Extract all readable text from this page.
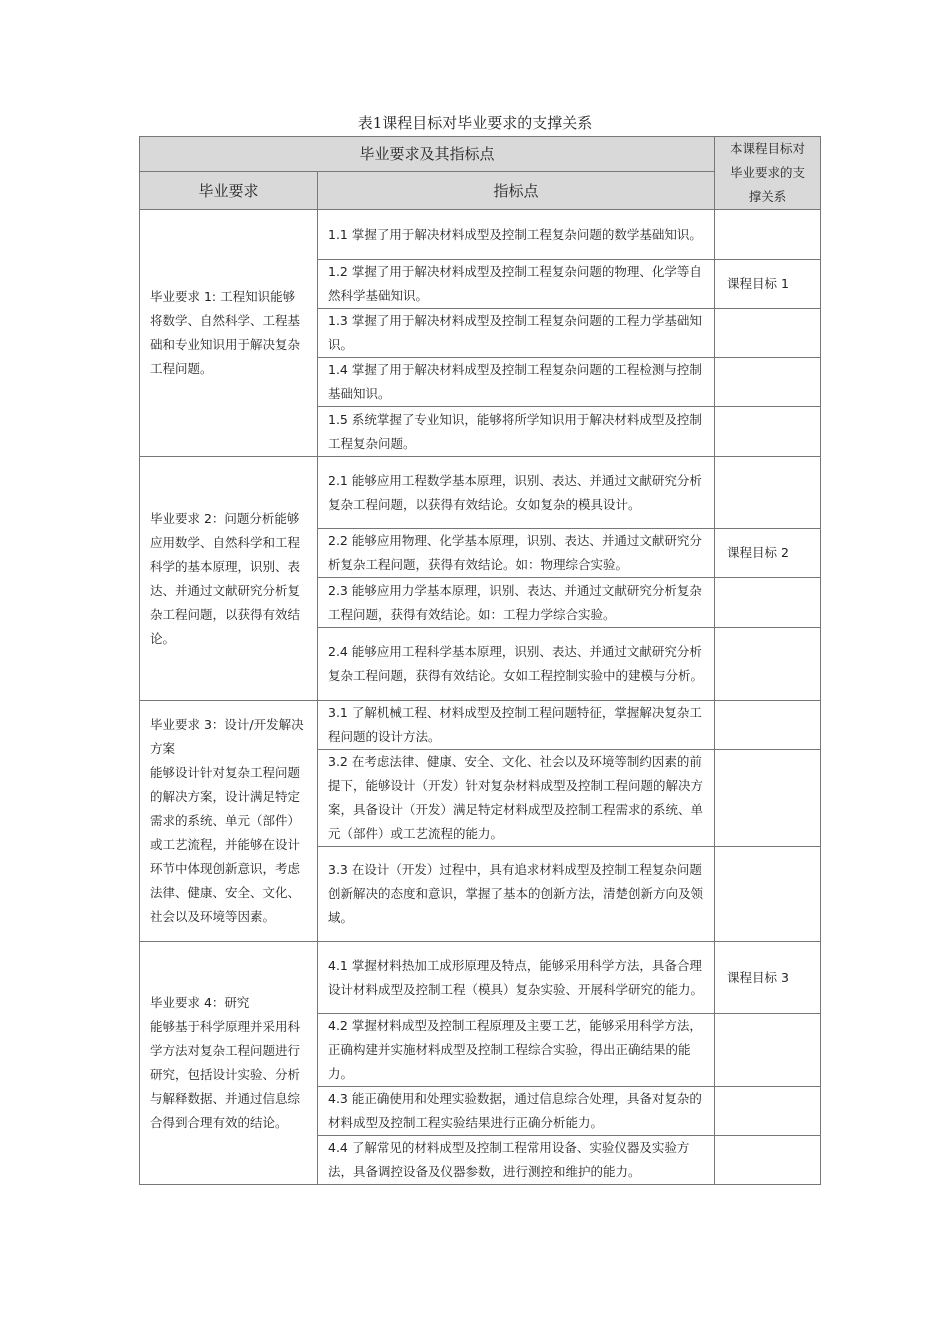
表1课程目标对毕业要求的支撑关系
毕业要求及其指标点		本课程目标对毕业要求的支撑关系
毕业要求	指标点	

毕业要求 1: 工程知识能够将数学、自然科学、工程基础和专业知识用于解决复杂工程问题。	1.1 掌握了用于解决材料成型及控制工程复杂问题的数学基础知识。	
	1.2 掌握了用于解决材料成型及控制工程复杂问题的物理、化学等自然科学基础知识。	课程目标 1
	1.3 掌握了用于解决材料成型及控制工程复杂问题的工程力学基础知识。	
	1.4 掌握了用于解决材料成型及控制工程复杂问题的工程检测与控制基础知识。	
	1.5 系统掌握了专业知识，能够将所学知识用于解决材料成型及控制工程复杂问题。	

毕业要求 2：问题分析能够应用数学、自然科学和工程科学的基本原理，识别、表达、并通过文献研究分析复杂工程问题，以获得有效结论。	2.1 能够应用工程数学基本原理，识别、表达、并通过文献研究分析复杂工程问题，以获得有效结论。女如复杂的模具设计。	
	2.2 能够应用物理、化学基本原理，识别、表达、并通过文献研究分析复杂工程问题，获得有效结论。如：物理综合实验。	课程目标 2
	2.3 能够应用力学基本原理，识别、表达、并通过文献研究分析复杂工程问题，获得有效结论。如：工程力学综合实验。	
	2.4 能够应用工程科学基本原理，识别、表达、并通过文献研究分析复杂工程问题，获得有效结论。女如工程控制实验中的建模与分析。	

毕业要求 3：设计/开发解决方案
能够设计针对复杂工程问题的解决方案，设计满足特定需求的系统、单元（部件）或工艺流程，并能够在设计环节中体现创新意识，考虑法律、健康、安全、文化、社会以及环境等因素。	3.1 了解机械工程、材料成型及控制工程问题特征，掌握解决复杂工程问题的设计方法。	
	3.2 在考虑法律、健康、安全、文化、社会以及环境等制约因素的前提下，能够设计（开发）针对复杂材料成型及控制工程问题的解决方案，具备设计（开发）满足特定材料成型及控制工程需求的系统、单元（部件）或工艺流程的能力。	
	3.3 在设计（开发）过程中，具有追求材料成型及控制工程复杂问题创新解决的态度和意识，掌握了基本的创新方法，清楚创新方向及领域。	

毕业要求 4：研究
能够基于科学原理并采用科学方法对复杂工程问题进行研究，包括设计实验、分析与解释数据、并通过信息综合得到合理有效的结论。	4.1 掌握材料热加工成形原理及特点，能够采用科学方法，具备合理设计材料成型及控制工程（模具）复杂实验、开展科学研究的能力。	课程目标 3
	4.2 掌握材料成型及控制工程原理及主要工艺，能够采用科学方法，正确构建并实施材料成型及控制工程综合实验，得出正确结果的能力。	
	4.3 能正确使用和处理实验数据，通过信息综合处理，具备对复杂的材料成型及控制工程实验结果进行正确分析能力。	
	4.4 了解常见的材料成型及控制工程常用设备、实验仪器及实验方法，具备调控设备及仪器参数，进行测控和维护的能力。	
